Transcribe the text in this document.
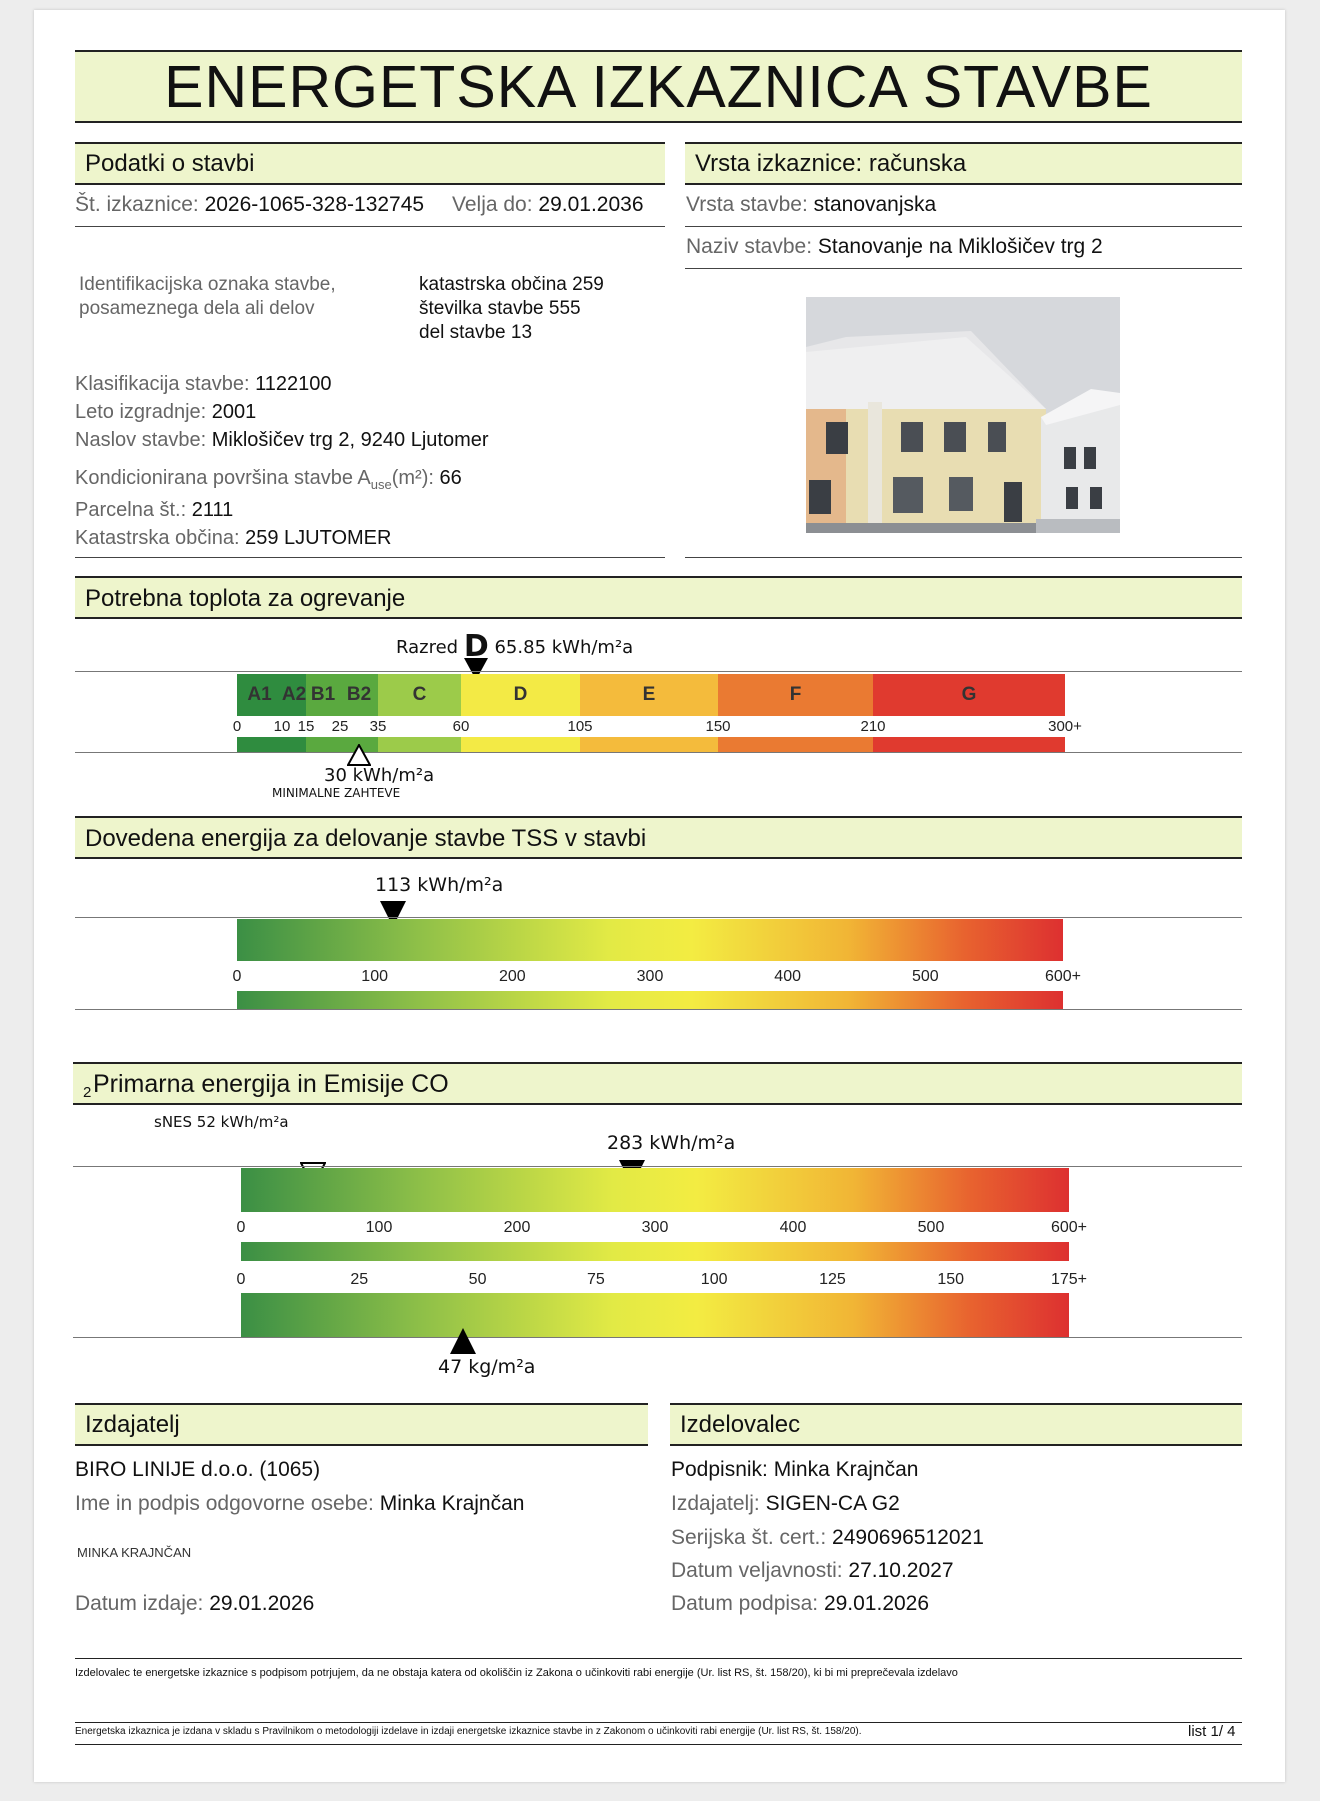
ENERGETSKA IZKAZNICA STAVBE
Podatki o stavbi
Št. izkaznice: 2026-1065-328-132745 Velja do: 29.01.2036
Identifikacijska oznaka stavbe,
posameznega dela ali delov
katastrska občina 259
številka stavbe 555
del stavbe 13
Klasifikacija stavbe: 1122100
Leto izgradnje: 2001
Naslov stavbe: Miklošičev trg 2, 9240 Ljutomer
Kondicionirana površina stavbe $A_{use}(m^2)$: 66
Parcelna št.: 2111
Katastrska občina: 259 LJUTOMER
Vrsta izkaznice: računska
Vrsta stavbe: stanovanjska
Naziv stavbe: Stanovanje na Miklošičev trg 2
Potrebna toplota za ogrevanje
Razred D 65.85 kWh/m²a
A1 A2 B1 B2	C	D	E	F	G
0 10 15 25 35	60	105	150	210	300+
30 kWh/m²a
MINIMALNE ZAHTEVE
Dovedena energija za delovanje stavbe TSS v stavbi
113 kWh/m²a
0	100	200	300	400	500	600+
Primarna energija in Emisije CO
$_2$
sNES 52 kWh/m²a
283 kWh/m²a
0	100	200	300	400	500	600+
0	25	50	75	100	125	150	175+
47 kg/m²a
Izdajatelj
BIRO LINIJE d.o.o. (1065)
Ime in podpis odgovorne osebe: Minka Krajnčan
MINKA KRAJNČAN
Datum izdaje: 29.01.2026
Izdelovalec
Podpisnik: Minka Krajnčan
Izdajatelj: SIGEN-CA G2
Serijska št. cert.: 2490696512021
Datum veljavnosti: 27.10.2027
Datum podpisa: 29.01.2026
Izdelovalec te energetske izkaznice s podpisom potrjujem, da ne obstaja katera od okoliščin iz Zakona o učinkoviti rabi energije (Ur. list RS, št. 158/20), ki bi mi preprečevala izdelavo
Energetska izkaznica je izdana v skladu s Pravilnikom o metodologiji izdelave in izdaji energetske izkaznice stavbe in z Zakonom o učinkoviti rabi energije (Ur. list RS, št. 158/20).	list 1/ 4
